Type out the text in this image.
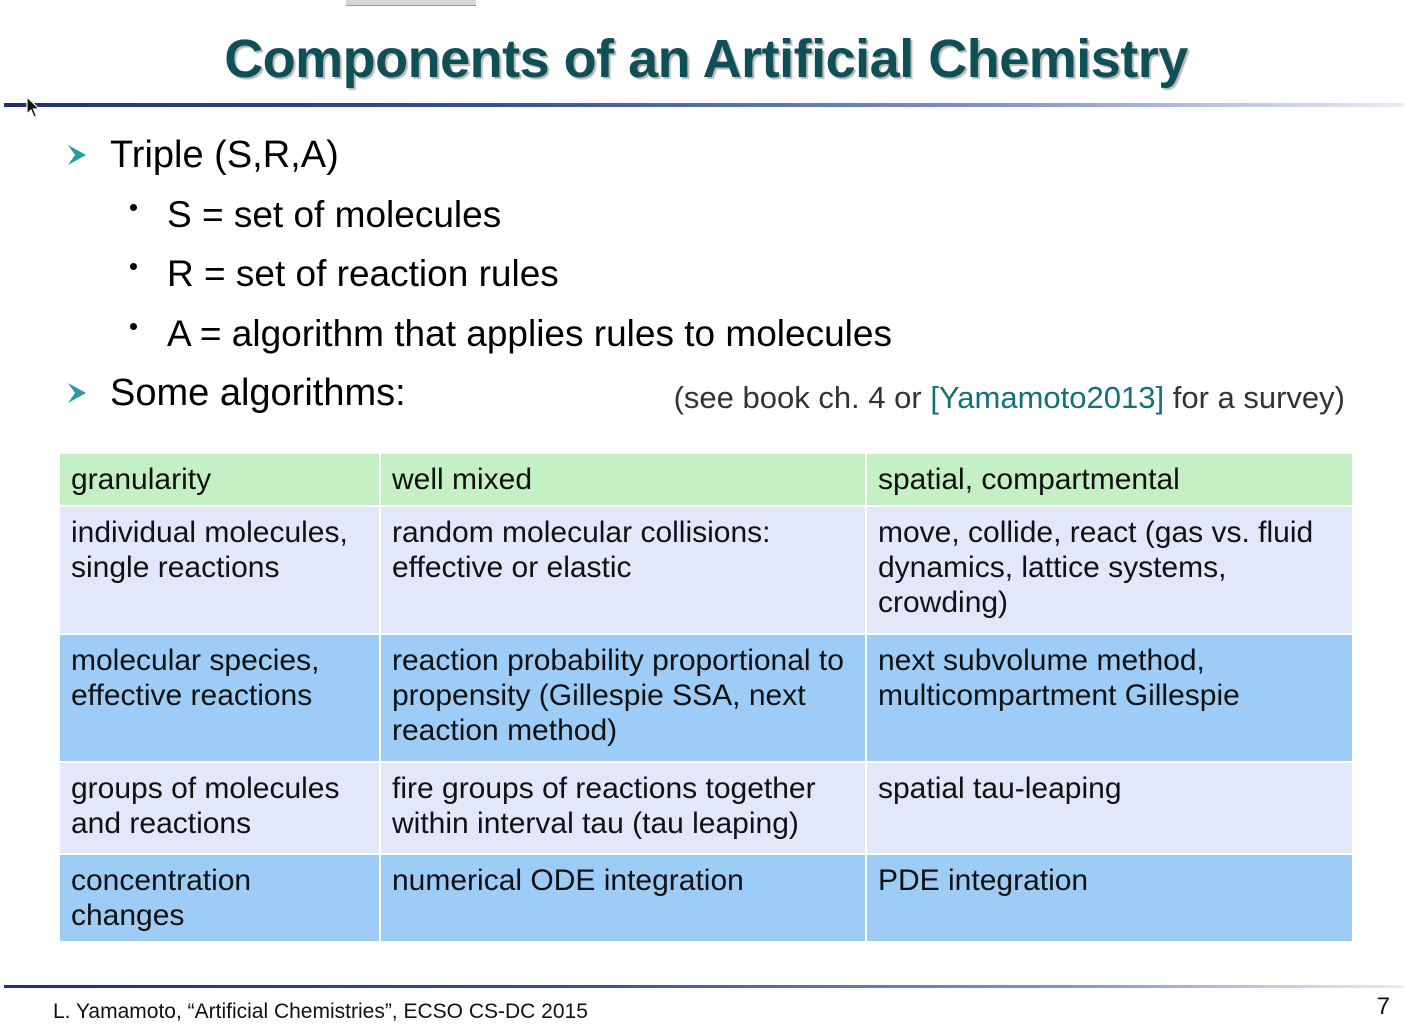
Components of an Artificial Chemistry
Triple (S,R,A)
S = set of molecules
R = set of reaction rules
A = algorithm that applies rules to molecules
Some algorithms:	(see book ch. 4 or [Yamamoto2013] for a survey)
granularity	well mixed	spatial, compartmental
individual molecules, single reactions	random molecular collisions: effective or elastic	move, collide, react (gas vs. fluid dynamics, lattice systems, crowding)
molecular species, effective reactions	reaction probability proportional to propensity (Gillespie SSA, next reaction method)	next subvolume method, multicompartment Gillespie
groups of molecules and reactions	fire groups of reactions together within interval tau (tau leaping)	spatial tau-leaping
concentration changes	numerical ODE integration	PDE integration
L. Yamamoto, “Artificial Chemistries”, ECSO CS-DC 2015	7
